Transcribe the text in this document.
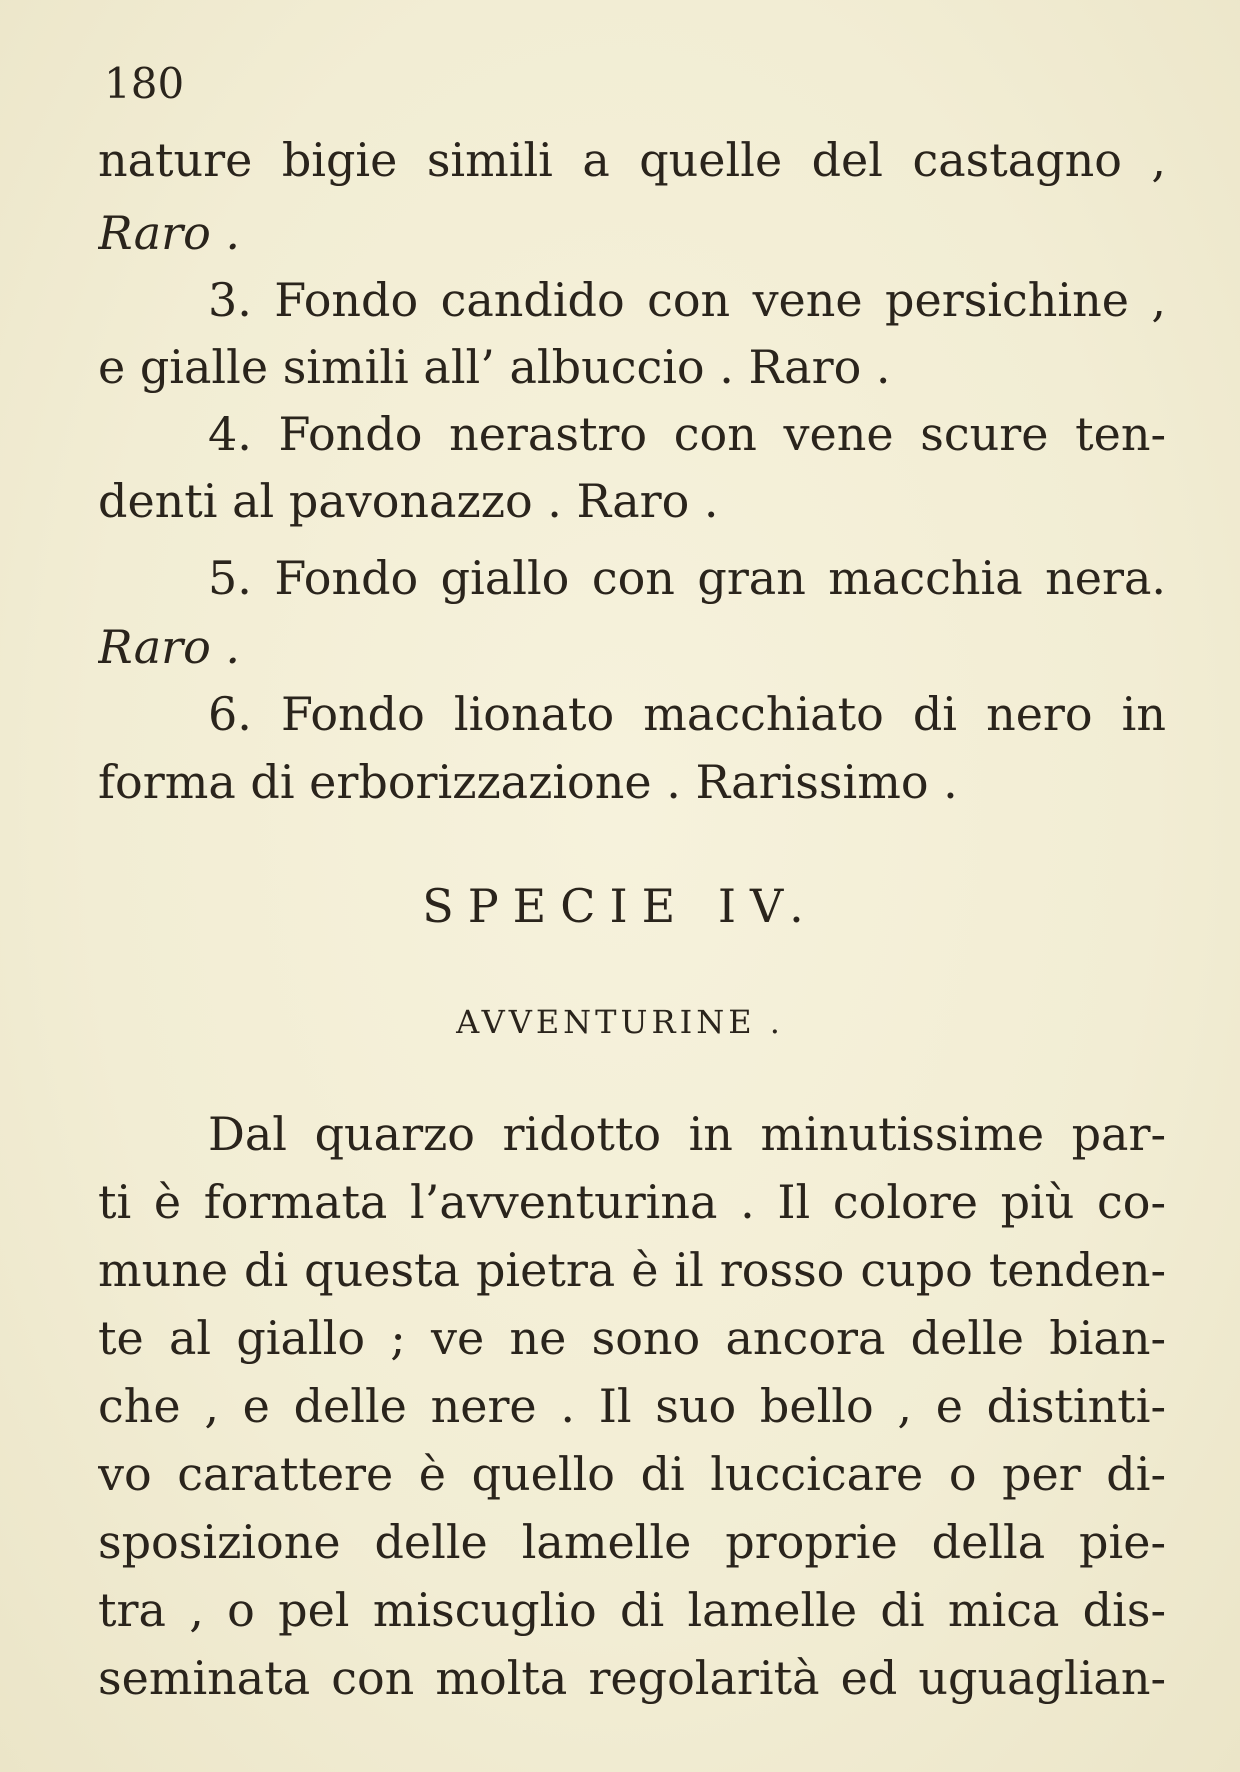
180
nature bigie simili a quelle del castagno ,
Raro .
3. Fondo candido con vene persichine ,
e gialle simili all’ albuccio . Raro .
4. Fondo nerastro con vene scure ten-
denti al pavonazzo . Raro .
5. Fondo giallo con gran macchia nera.
Raro .
6. Fondo lionato macchiato di nero in
forma di erborizzazione . Rarissimo .
SPECIE IV.
AVVENTURINE .
Dal quarzo ridotto in minutissime par-
ti è formata l’avventurina . Il colore più co-
mune di questa pietra è il rosso cupo tenden-
te al giallo ; ve ne sono ancora delle bian-
che , e delle nere . Il suo bello , e distinti-
vo carattere è quello di luccicare o per di-
sposizione delle lamelle proprie della pie-
tra , o pel miscuglio di lamelle di mica dis-
seminata con molta regolarità ed uguaglian-
